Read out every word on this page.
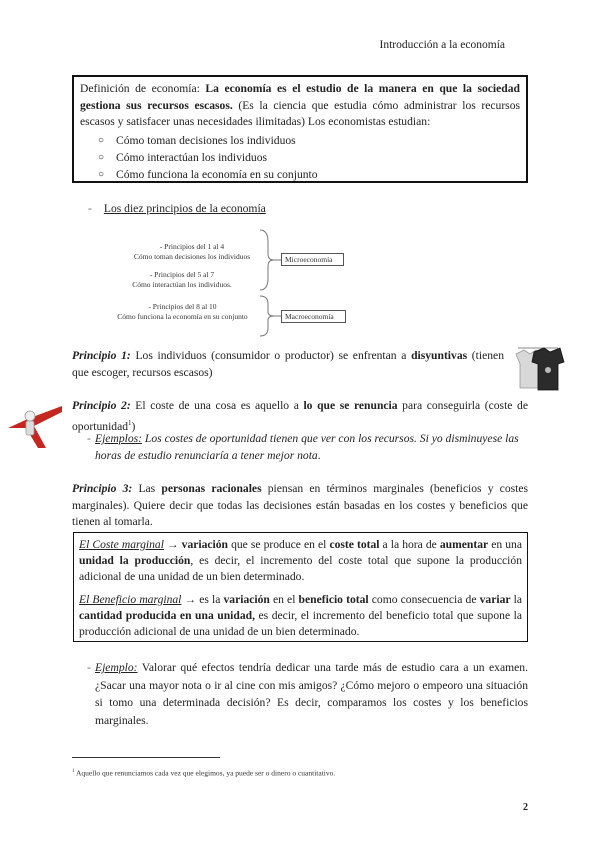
Introducción a la economía

Definición de economía: La economía es el estudio de la manera en que la sociedad gestiona sus recursos escasos. (Es la ciencia que estudia cómo administrar los recursos escasos y satisfacer unas necesidades ilimitadas) Los economistas estudian:

○ Cómo toman decisiones los individuos
○ Cómo interactúan los individuos
○ Cómo funciona la economía en su conjunto
- Los diez principios de la economía
- Principios del 1 al 4
Cómo toman decisiones los individuos
- Principios del 5 al 7
Cómo interactúan los individuos.
- Principios del 8 al 10
Cómo funciona la economía en su conjunto
Microeconomía
Macroeconomía
Principio 1: Los individuos (consumidor o productor) se enfrentan a disyuntivas (tienen que escoger, recursos escasos)
Principio 2: El coste de una cosa es aquello a lo que se renuncia para conseguirla (coste de oportunidad$^1$)
- Ejemplos: Los costes de oportunidad tienen que ver con los recursos. Si yo disminuyese las horas de estudio renunciaría a tener mejor nota.
Principio 3: Las personas racionales piensan en términos marginales (beneficios y costes marginales). Quiere decir que todas las decisiones están basadas en los costes y beneficios que tienen al tomarla.

El Coste marginal → variación que se produce en el coste total a la hora de aumentar en una unidad la producción, es decir, el incremento del coste total que supone la producción adicional de una unidad de un bien determinado.

El Beneficio marginal → es la variación en el beneficio total como consecuencia de variar la cantidad producida en una unidad, es decir, el incremento del beneficio total que supone la producción adicional de una unidad de un bien determinado.

- Ejemplo: Valorar qué efectos tendría dedicar una tarde más de estudio cara a un examen. ¿Sacar una mayor nota o ir al cine con mis amigos? ¿Cómo mejoro o empeoro una situación si tomo una determinada decisión? Es decir, comparamos los costes y los beneficios marginales.
$^1$ Aquello que renunciamos cada vez que elegimos, ya puede ser o dinero o cuantitativo.
2
